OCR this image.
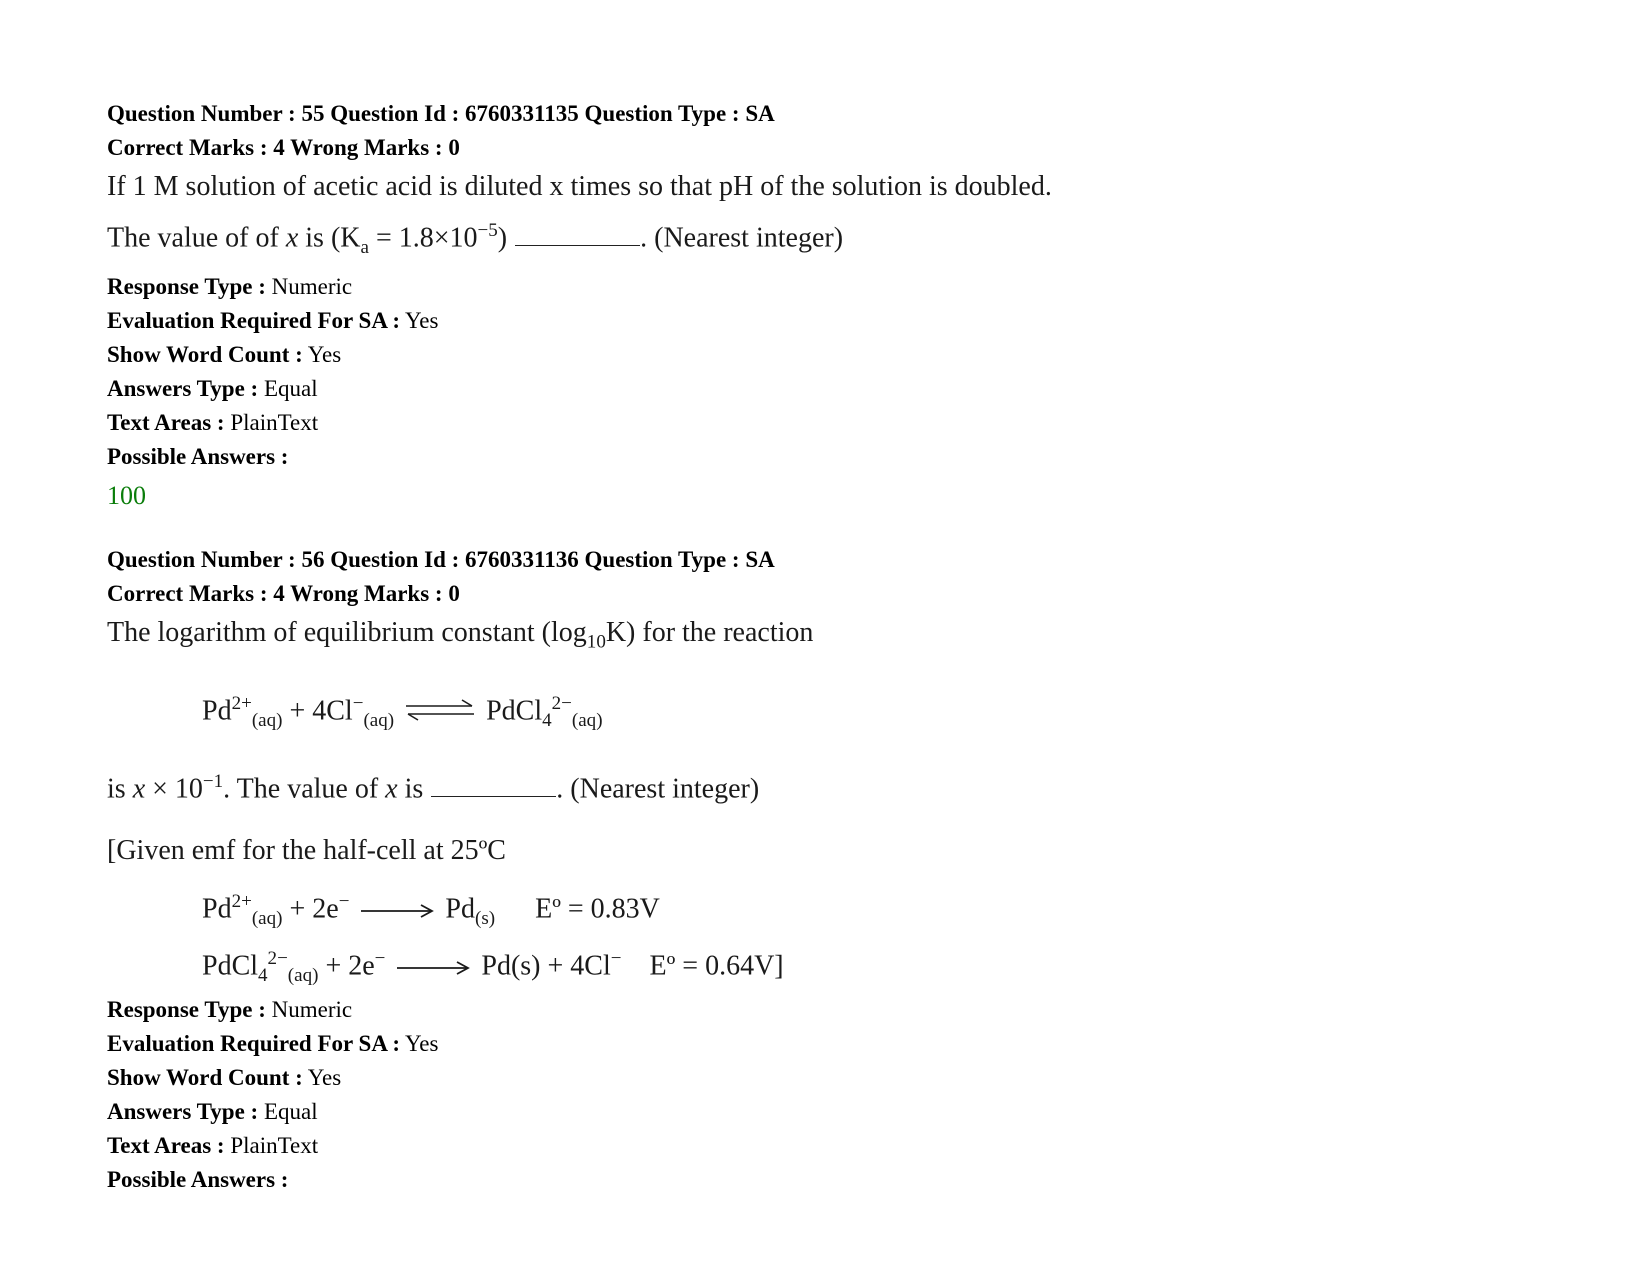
Question Number : 55 Question Id : 6760331135 Question Type : SA
Correct Marks : 4 Wrong Marks : 0
If 1 M solution of acetic acid is diluted x times so that pH of the solution is doubled.
The value of of x is $(K_a = 1.8\times 10^{-5})$	. (Nearest integer)
Response Type : Numeric
Evaluation Required For SA : Yes
Show Word Count : Yes
Answers Type : Equal
Text Areas : PlainText
Possible Answers :
100
Question Number : 56 Question Id : 6760331136 Question Type : SA
Correct Marks : 4 Wrong Marks : 0
The logarithm of equilibrium constant $(\log_{10}K)$ for the reaction
$Pd^{2+}_{(aq)} + 4Cl^-_{(aq)}$ ⇌ PdCl$_4^{2-}_{(aq)}$
is $x \times 10^{-1}$. The value of x is	. (Nearest integer)
[Given emf for the half-cell at 25ºC
$Pd^{2+}_{(aq)} + 2e^-$	$Pd_{(s)}$ Eº = 0.83V
PdCl$_4^{2-}_{(aq)}$ + 2e−	Pd(s) + 4Cl− Eº = 0.64V]
Response Type : Numeric
Evaluation Required For SA : Yes
Show Word Count : Yes
Answers Type : Equal
Text Areas : PlainText
Possible Answers :
